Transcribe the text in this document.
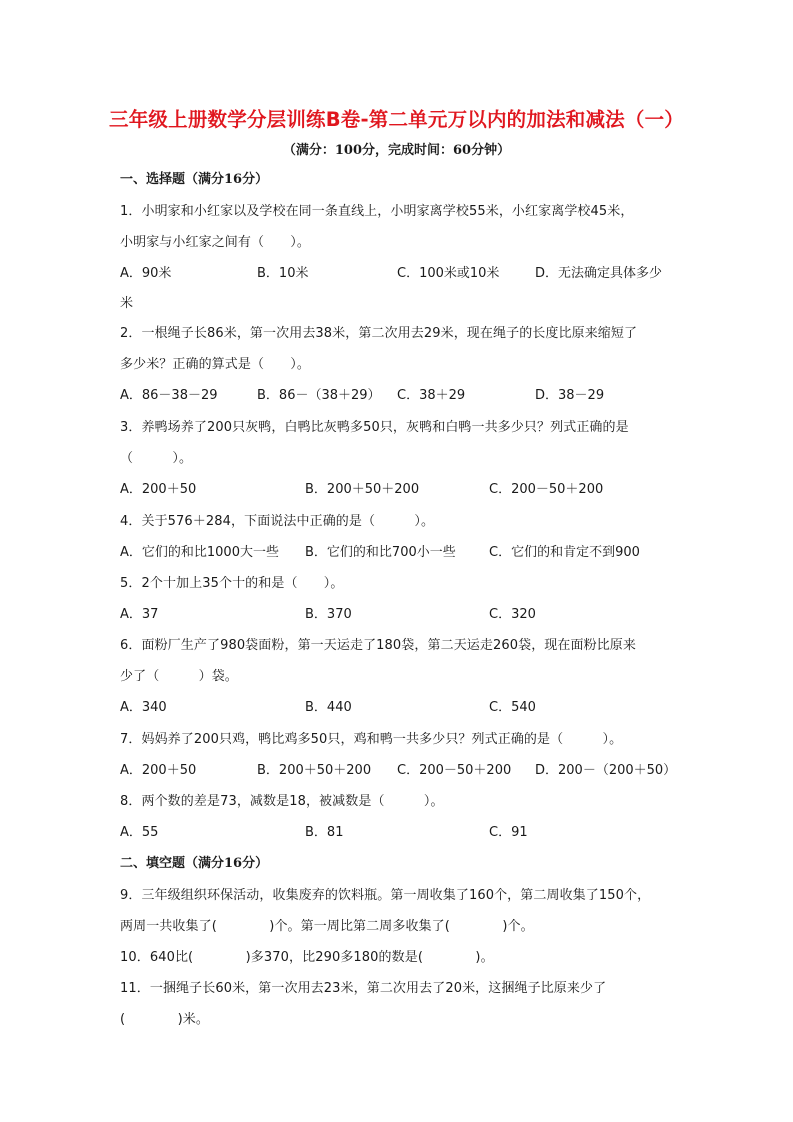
三年级上册数学分层训练B卷-第二单元万以内的加法和减法（一）
（满分：100分，完成时间：60分钟）
一、选择题（满分16分）
1．小明家和小红家以及学校在同一条直线上，小明家离学校55米，小红家离学校45米，
小明家与小红家之间有（　　）。
A．90米	B．10米	C．100米或10米	D．无法确定具体多少
米
2．一根绳子长86米，第一次用去38米，第二次用去29米，现在绳子的长度比原来缩短了
多少米？正确的算式是（　　）。
A．86－38－29	B．86－（38＋29） C．38＋29	D．38－29
3．养鸭场养了200只灰鸭，白鸭比灰鸭多50只，灰鸭和白鸭一共多少只？列式正确的是
（　　　）。
A．200＋50	B．200＋50＋200	C．200－50＋200
4．关于576＋284，下面说法中正确的是（　　　）。
A．它们的和比1000大一些 B．它们的和比700小一些	C．它们的和肯定不到900
5．2个十加上35个十的和是（　　）。
A．37	B．370	C．320
6．面粉厂生产了980袋面粉，第一天运走了180袋，第二天运走260袋，现在面粉比原来
少了（　　　）袋。
A．340	B．440	C．540
7．妈妈养了200只鸡，鸭比鸡多50只，鸡和鸭一共多少只？列式正确的是（　　　）。
A．200＋50	B．200＋50＋200 C．200－50＋200 D．200－（200＋50）
8．两个数的差是73，减数是18，被减数是（　　　）。
A．55	B．81	C．91
二、填空题（满分16分）
9．三年级组织环保活动，收集废弃的饮料瓶。第一周收集了160个，第二周收集了150个，
两周一共收集了(　　　　)个。第一周比第二周多收集了(　　　　)个。
10．640比(　　　　)多370，比290多180的数是(　　　　)。
11．一捆绳子长60米，第一次用去23米，第二次用去了20米，这捆绳子比原来少了
(　　　　)米。
